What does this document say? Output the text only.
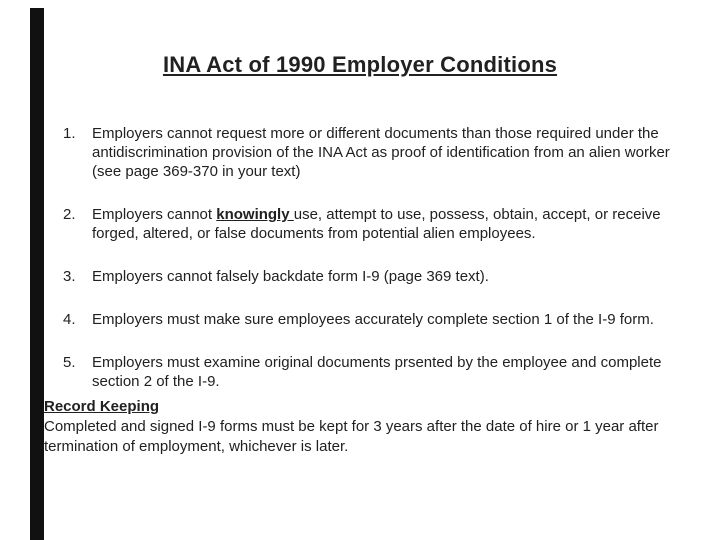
INA Act of 1990 Employer Conditions
1.	Employers cannot request more or different documents than those required under the antidiscrimination provision of the INA Act as proof of identification from an alien worker (see page 369-370 in your text)
2.	Employers cannot knowingly use, attempt to use, possess, obtain, accept, or receive forged, altered, or false documents from potential alien employees.
3.	Employers cannot falsely backdate form I-9 (page 369 text).
4.	Employers must make sure employees accurately complete section 1 of the I-9 form.
5.	Employers must examine original documents prsented by the employee and complete section 2 of the I-9.
Record Keeping
Completed and signed I-9 forms must be kept for 3 years after the date of hire or 1 year after termination of employment, whichever is later.
